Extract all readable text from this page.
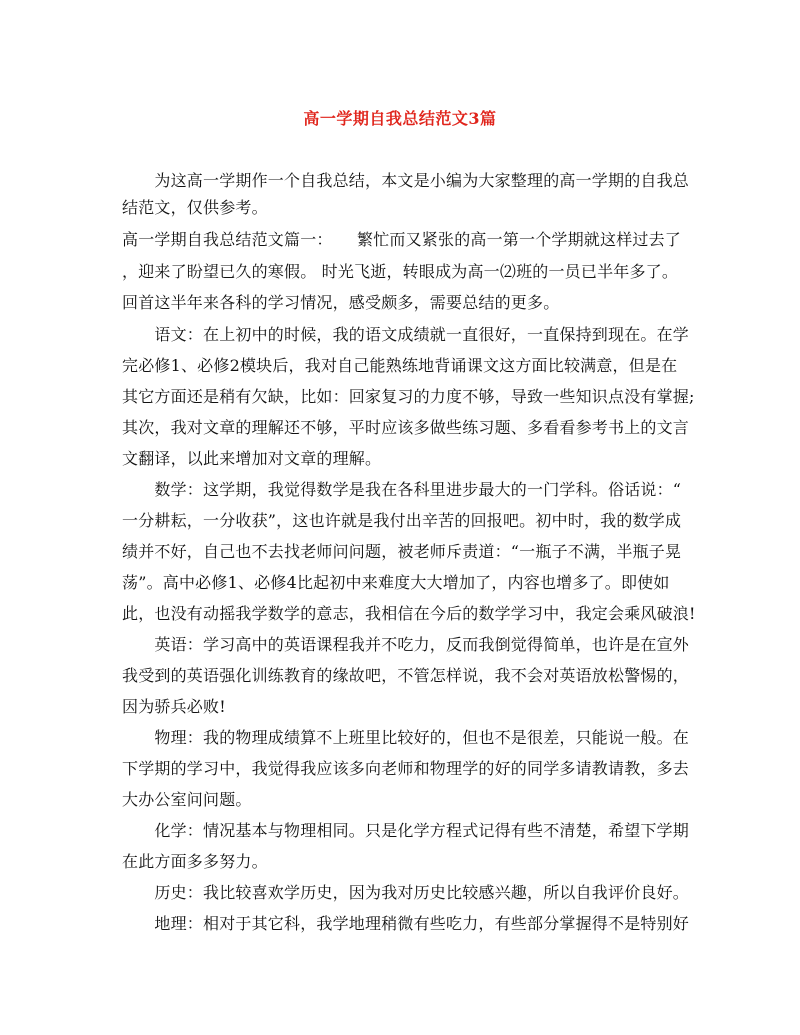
高一学期自我总结范文3篇
　　为这高一学期作一个自我总结，本文是小编为大家整理的高一学期的自我总
结范文，仅供参考。
高一学期自我总结范文篇一：　　繁忙而又紧张的高一第一个学期就这样过去了
，迎来了盼望已久的寒假。 时光飞逝，转眼成为高一⑵班的一员已半年多了。
回首这半年来各科的学习情况，感受颇多，需要总结的更多。
　　语文：在上初中的时候，我的语文成绩就一直很好，一直保持到现在。在学
完必修1、必修2模块后，我对自己能熟练地背诵课文这方面比较满意，但是在
其它方面还是稍有欠缺，比如：回家复习的力度不够，导致一些知识点没有掌握;
其次，我对文章的理解还不够，平时应该多做些练习题、多看看参考书上的文言
文翻译，以此来增加对文章的理解。
　　数学：这学期，我觉得数学是我在各科里进步最大的一门学科。俗话说：“
一分耕耘，一分收获”，这也许就是我付出辛苦的回报吧。初中时，我的数学成
绩并不好，自己也不去找老师问问题，被老师斥责道：“一瓶子不满，半瓶子晃
荡”。高中必修1、必修4比起初中来难度大大增加了，内容也增多了。即使如
此，也没有动摇我学数学的意志，我相信在今后的数学学习中，我定会乘风破浪!
　　英语：学习高中的英语课程我并不吃力，反而我倒觉得简单，也许是在宣外
我受到的英语强化训练教育的缘故吧，不管怎样说，我不会对英语放松警惕的，
因为骄兵必败!
　　物理：我的物理成绩算不上班里比较好的，但也不是很差，只能说一般。在
下学期的学习中，我觉得我应该多向老师和物理学的好的同学多请教请教，多去
大办公室问问题。
　　化学：情况基本与物理相同。只是化学方程式记得有些不清楚，希望下学期
在此方面多多努力。
　　历史：我比较喜欢学历史，因为我对历史比较感兴趣，所以自我评价良好。
　　地理：相对于其它科，我学地理稍微有些吃力，有些部分掌握得不是特别好
